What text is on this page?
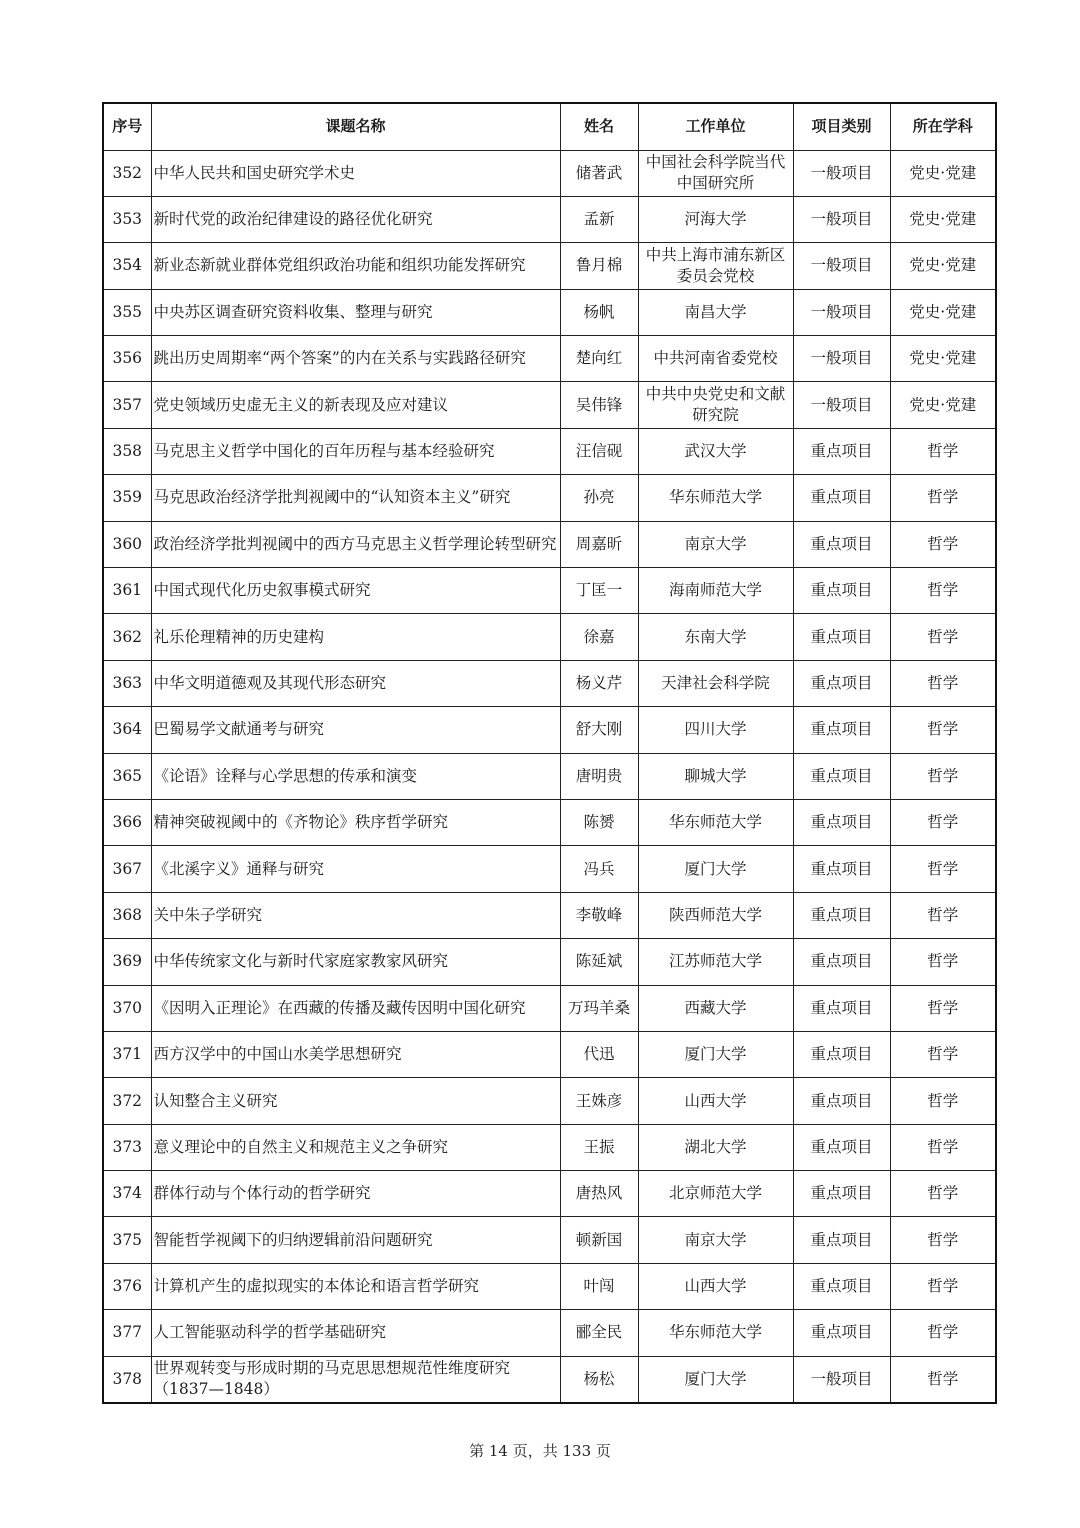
序号	课题名称	姓名	工作单位	项目类别	所在学科
352	中华人民共和国史研究学术史	储著武	中国社会科学院当代中国研究所	一般项目	党史·党建
353	新时代党的政治纪律建设的路径优化研究	孟新	河海大学	一般项目	党史·党建
354	新业态新就业群体党组织政治功能和组织功能发挥研究	鲁月棉	中共上海市浦东新区委员会党校	一般项目	党史·党建
355	中央苏区调查研究资料收集、整理与研究	杨帆	南昌大学	一般项目	党史·党建
356	跳出历史周期率“两个答案”的内在关系与实践路径研究	楚向红	中共河南省委党校	一般项目	党史·党建
357	党史领域历史虚无主义的新表现及应对建议	吴伟锋	中共中央党史和文献研究院	一般项目	党史·党建
358	马克思主义哲学中国化的百年历程与基本经验研究	汪信砚	武汉大学	重点项目	哲学
359	马克思政治经济学批判视阈中的“认知资本主义”研究	孙亮	华东师范大学	重点项目	哲学
360	政治经济学批判视阈中的西方马克思主义哲学理论转型研究	周嘉昕	南京大学	重点项目	哲学
361	中国式现代化历史叙事模式研究	丁匡一	海南师范大学	重点项目	哲学
362	礼乐伦理精神的历史建构	徐嘉	东南大学	重点项目	哲学
363	中华文明道德观及其现代形态研究	杨义芹	天津社会科学院	重点项目	哲学
364	巴蜀易学文献通考与研究	舒大刚	四川大学	重点项目	哲学
365	《论语》诠释与心学思想的传承和演变	唐明贵	聊城大学	重点项目	哲学
366	精神突破视阈中的《齐物论》秩序哲学研究	陈赟	华东师范大学	重点项目	哲学
367	《北溪字义》通释与研究	冯兵	厦门大学	重点项目	哲学
368	关中朱子学研究	李敬峰	陕西师范大学	重点项目	哲学
369	中华传统家文化与新时代家庭家教家风研究	陈延斌	江苏师范大学	重点项目	哲学
370	《因明入正理论》在西藏的传播及藏传因明中国化研究	万玛羊桑	西藏大学	重点项目	哲学
371	西方汉学中的中国山水美学思想研究	代迅	厦门大学	重点项目	哲学
372	认知整合主义研究	王姝彦	山西大学	重点项目	哲学
373	意义理论中的自然主义和规范主义之争研究	王振	湖北大学	重点项目	哲学
374	群体行动与个体行动的哲学研究	唐热风	北京师范大学	重点项目	哲学
375	智能哲学视阈下的归纳逻辑前沿问题研究	顿新国	南京大学	重点项目	哲学
376	计算机产生的虚拟现实的本体论和语言哲学研究	叶闯	山西大学	重点项目	哲学
377	人工智能驱动科学的哲学基础研究	郦全民	华东师范大学	重点项目	哲学
378	世界观转变与形成时期的马克思思想规范性维度研究（1837—1848）	杨松	厦门大学	一般项目	哲学
第 14 页，共 133 页
